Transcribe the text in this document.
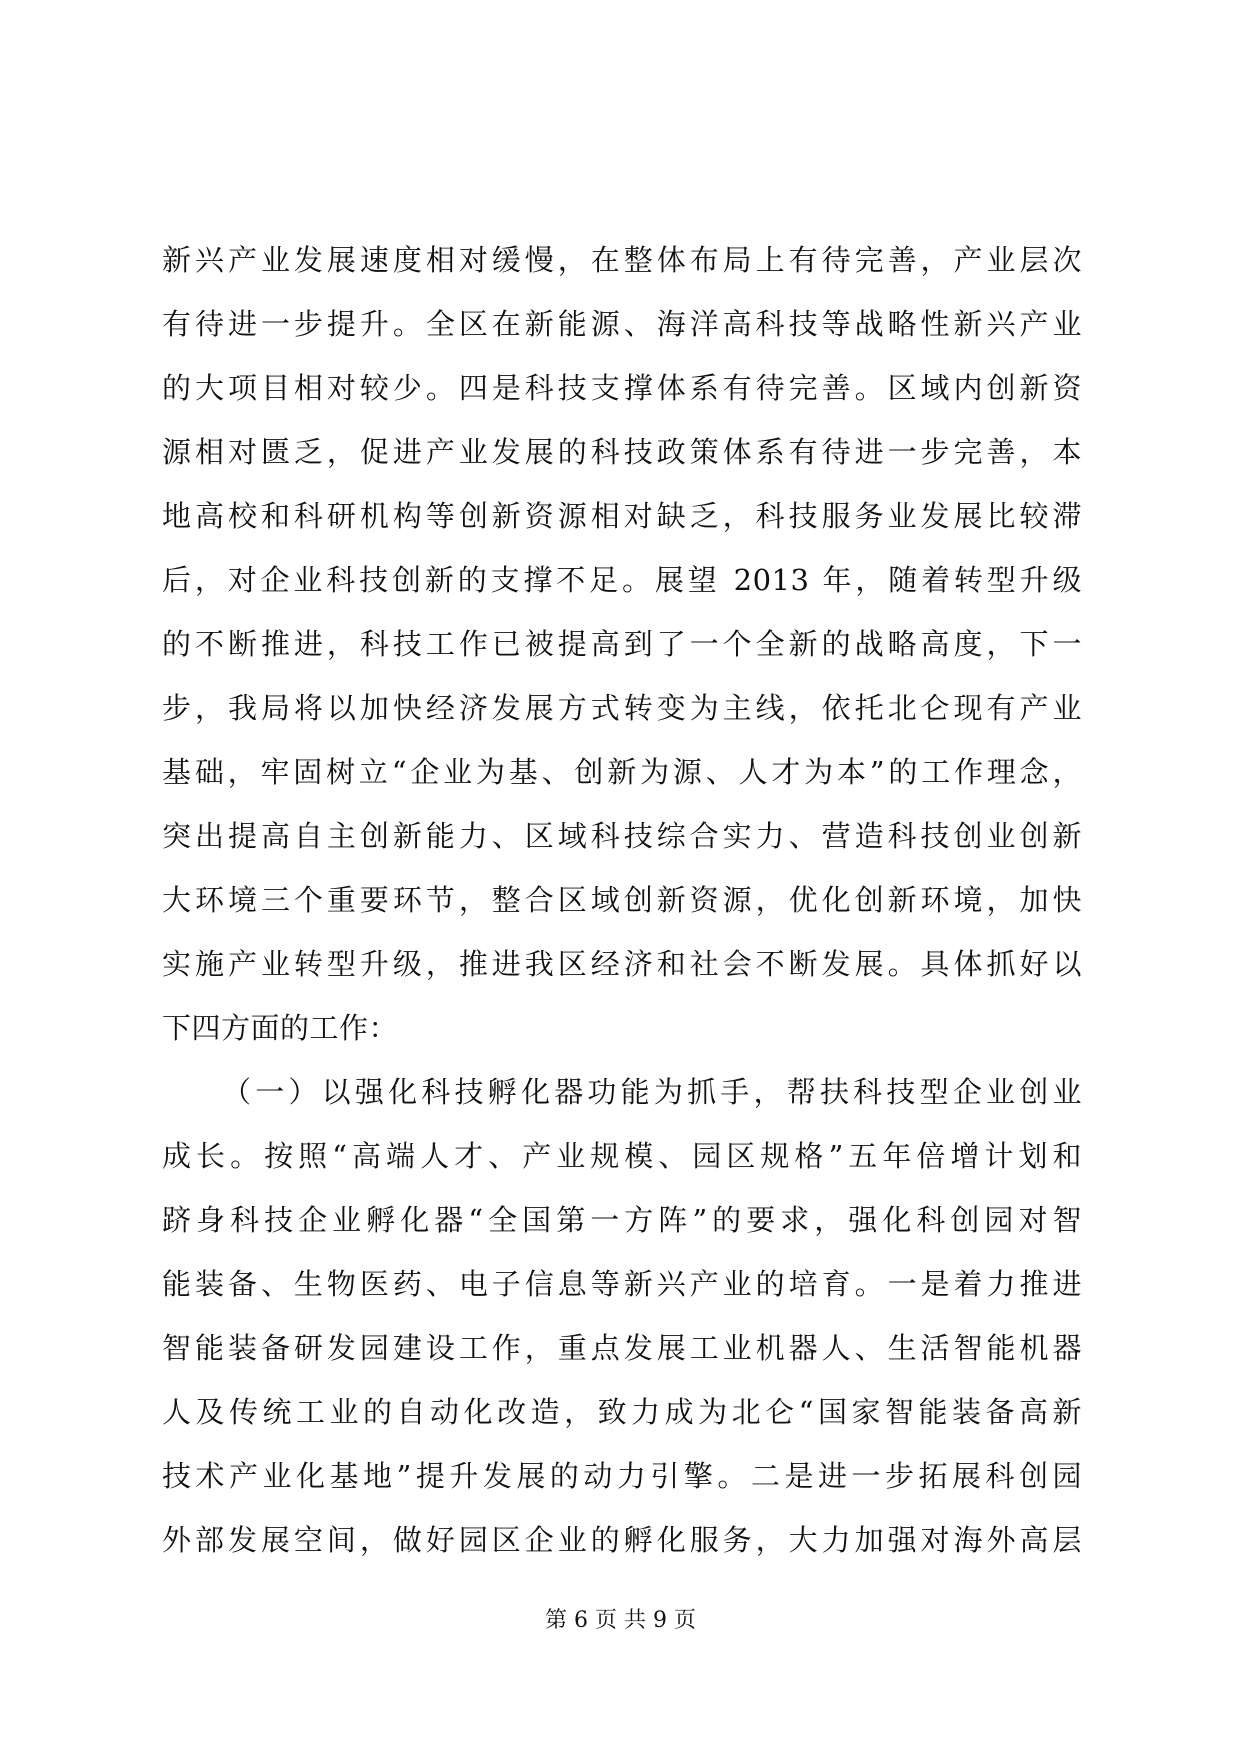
新兴产业发展速度相对缓慢，在整体布局上有待完善，产业层次
有待进一步提升。全区在新能源、海洋高科技等战略性新兴产业
的大项目相对较少。四是科技支撑体系有待完善。区域内创新资
源相对匮乏，促进产业发展的科技政策体系有待进一步完善，本
地高校和科研机构等创新资源相对缺乏，科技服务业发展比较滞
后，对企业科技创新的支撑不足。展望 2013 年，随着转型升级
的不断推进，科技工作已被提高到了一个全新的战略高度，下一
步，我局将以加快经济发展方式转变为主线，依托北仑现有产业
基础，牢固树立“企业为基、创新为源、人才为本”的工作理念，
突出提高自主创新能力、区域科技综合实力、营造科技创业创新
大环境三个重要环节，整合区域创新资源，优化创新环境，加快
实施产业转型升级，推进我区经济和社会不断发展。具体抓好以
下四方面的工作：
（一）以强化科技孵化器功能为抓手，帮扶科技型企业创业
成长。按照“高端人才、产业规模、园区规格”五年倍增计划和
跻身科技企业孵化器“全国第一方阵”的要求，强化科创园对智
能装备、生物医药、电子信息等新兴产业的培育。一是着力推进
智能装备研发园建设工作，重点发展工业机器人、生活智能机器
人及传统工业的自动化改造，致力成为北仑“国家智能装备高新
技术产业化基地”提升发展的动力引擎。二是进一步拓展科创园
外部发展空间，做好园区企业的孵化服务，大力加强对海外高层
第 6 页 共 9 页
